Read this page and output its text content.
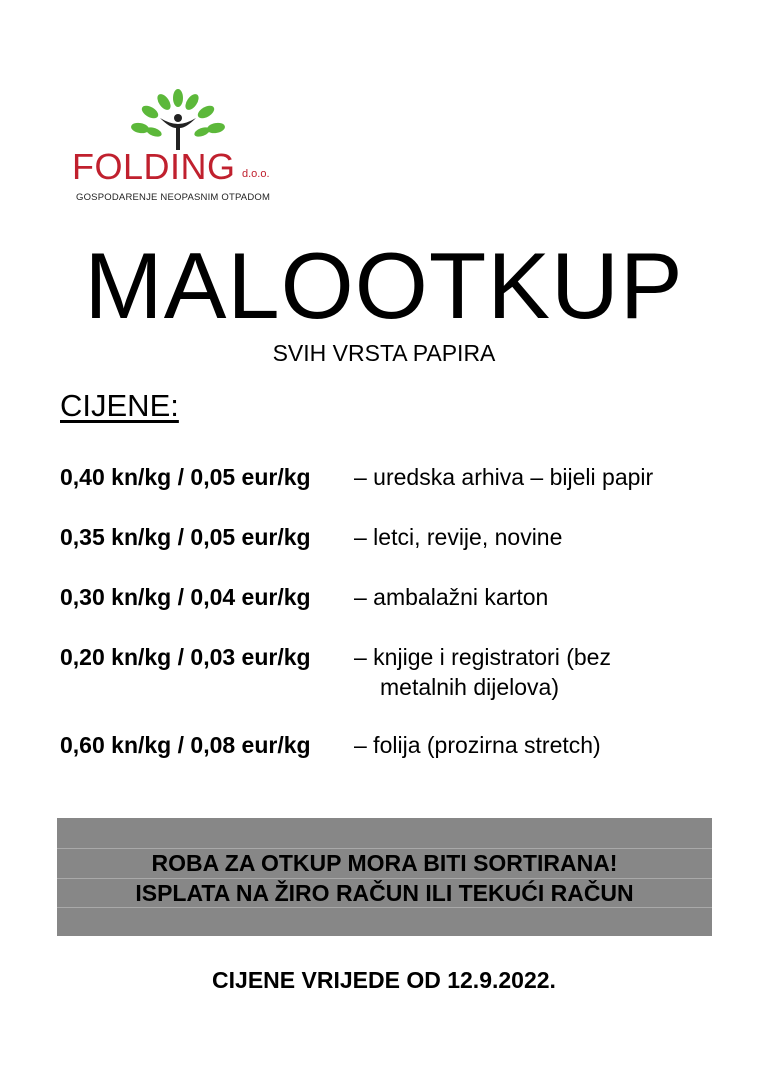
FOLDING d.o.o.
GOSPODARENJE NEOPASNIM OTPADOM
MALOOTKUP
SVIH VRSTA PAPIRA
CIJENE:
0,40 kn/kg / 0,05 eur/kg – uredska arhiva – bijeli papir
0,35 kn/kg / 0,05 eur/kg – letci, revije, novine
0,30 kn/kg / 0,04 eur/kg – ambalažni karton
0,20 kn/kg / 0,03 eur/kg – knjige i registratori (bez
metalnih dijelova)
0,60 kn/kg / 0,08 eur/kg – folija (prozirna stretch)
ROBA ZA OTKUP MORA BITI SORTIRANA!
ISPLATA NA ŽIRO RAČUN ILI TEKUĆI RAČUN
CIJENE VRIJEDE OD 12.9.2022.
